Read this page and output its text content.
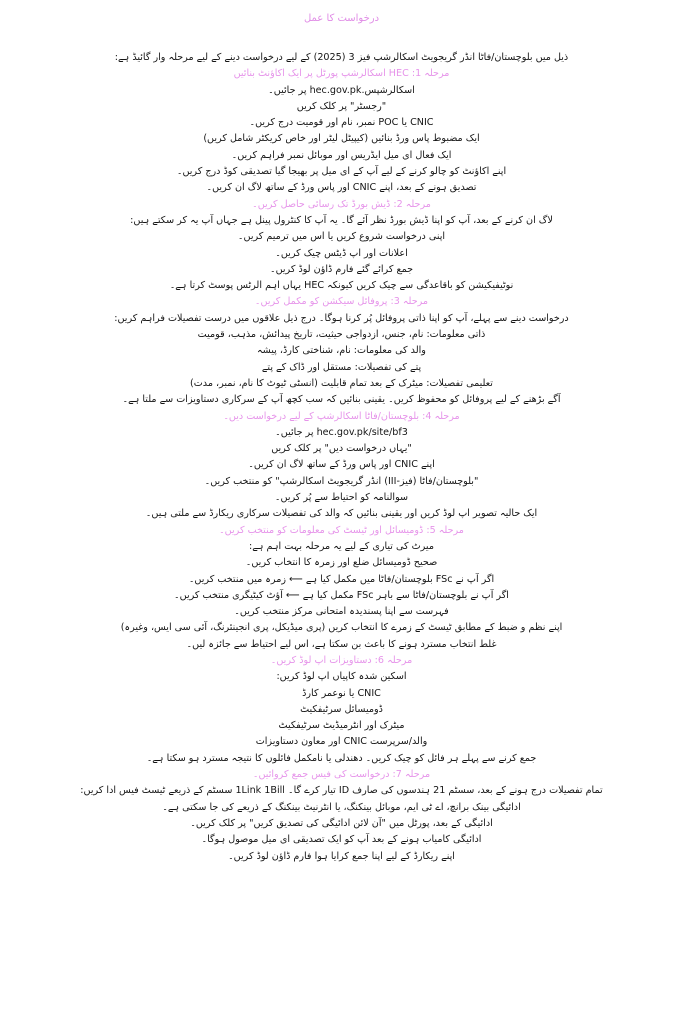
درخواست کا عمل
ذیل میں بلوچستان/فاٹا انڈر گریجویٹ اسکالرشپ فیز 3 (2025) کے لیے درخواست دینے کے لیے مرحلہ وار گائیڈ ہے:
مرحلہ 1: HEC اسکالرشپ پورٹل پر ایک اکاؤنٹ بنائیں
اسکالرشپس.hec.gov.pk پر جائیں۔
"رجسٹر" پر کلک کریں
CNIC یا POC نمبر، نام اور قومیت درج کریں۔
ایک مضبوط پاس ورڈ بنائیں (کیپیٹل لیٹر اور خاص کریکٹر شامل کریں)
ایک فعال ای میل ایڈریس اور موبائل نمبر فراہم کریں۔
اپنے اکاؤنٹ کو چالو کرنے کے لیے آپ کے ای میل پر بھیجا گیا تصدیقی کوڈ درج کریں۔
تصدیق ہونے کے بعد، اپنے CNIC اور پاس ورڈ کے ساتھ لاگ ان کریں۔
مرحلہ 2: ڈیش بورڈ تک رسائی حاصل کریں۔
لاگ ان کرنے کے بعد، آپ کو اپنا ڈیش بورڈ نظر آئے گا۔ یہ آپ کا کنٹرول پینل ہے جہاں آپ یہ کر سکتے ہیں:
اپنی درخواست شروع کریں یا اس میں ترمیم کریں۔
اعلانات اور اپ ڈیٹس چیک کریں۔
جمع کرائے گئے فارم ڈاؤن لوڈ کریں۔
نوٹیفیکیشن کو باقاعدگی سے چیک کریں کیونکہ HEC یہاں اہم الرٹس پوسٹ کرتا ہے۔
مرحلہ 3: پروفائل سیکشن کو مکمل کریں۔
درخواست دینے سے پہلے، آپ کو اپنا ذاتی پروفائل پُر کرنا ہوگا۔ درج ذیل علاقوں میں درست تفصیلات فراہم کریں:
ذاتی معلومات: نام، جنس، ازدواجی حیثیت، تاریخ پیدائش، مذہب، قومیت
والد کی معلومات: نام، شناختی کارڈ، پیشہ
پتے کی تفصیلات: مستقل اور ڈاک کے پتے
تعلیمی تفصیلات: میٹرک کے بعد تمام قابلیت (انسٹی ٹیوٹ کا نام، نمبر، مدت)
آگے بڑھنے کے لیے پروفائل کو محفوظ کریں۔ یقینی بنائیں کہ سب کچھ آپ کے سرکاری دستاویزات سے ملتا ہے۔
مرحلہ 4: بلوچستان/فاٹا اسکالرشپ کے لیے درخواست دیں۔
hec.gov.pk/site/bf3 پر جائیں۔
"یہاں درخواست دیں" پر کلک کریں
اپنے CNIC اور پاس ورڈ کے ساتھ لاگ ان کریں۔
"بلوچستان/فاٹا (فیز-III) انڈر گریجویٹ اسکالرشپ" کو منتخب کریں۔
سوالنامہ کو احتیاط سے پُر کریں۔
ایک حالیہ تصویر اپ لوڈ کریں اور یقینی بنائیں کہ والد کی تفصیلات سرکاری ریکارڈ سے ملتی ہیں۔
مرحلہ 5: ڈومیسائل اور ٹیسٹ کی معلومات کو منتخب کریں۔
میرٹ کی تیاری کے لیے یہ مرحلہ بہت اہم ہے:
صحیح ڈومیسائل ضلع اور زمرہ کا انتخاب کریں۔
اگر آپ نے FSc بلوچستان/فاٹا میں مکمل کیا ہے ⟵ زمرہ میں منتخب کریں۔
اگر آپ نے بلوچستان/فاٹا سے باہر FSc مکمل کیا ہے ⟵ آؤٹ کیٹیگری منتخب کریں۔
فہرست سے اپنا پسندیدہ امتحانی مرکز منتخب کریں۔
اپنے نظم و ضبط کے مطابق ٹیسٹ کے زمرے کا انتخاب کریں (پری میڈیکل، پری انجینئرنگ، آئی سی ایس، وغیرہ)
غلط انتخاب مسترد ہونے کا باعث بن سکتا ہے، اس لیے احتیاط سے جائزہ لیں۔
مرحلہ 6: دستاویزات اپ لوڈ کریں۔
اسکین شدہ کاپیاں اپ لوڈ کریں:
CNIC یا نوعمر کارڈ
ڈومیسائل سرٹیفکیٹ
میٹرک اور انٹرمیڈیٹ سرٹیفکیٹ
والد/سرپرست CNIC اور معاون دستاویزات
جمع کرنے سے پہلے ہر فائل کو چیک کریں۔ دھندلی یا نامکمل فائلوں کا نتیجہ مسترد ہو سکتا ہے۔
مرحلہ 7: درخواست کی فیس جمع کروائیں۔
تمام تفصیلات درج ہونے کے بعد، سسٹم 21 ہندسوں کی صارف ID تیار کرے گا۔ 1Link 1Bill سسٹم کے ذریعے ٹیسٹ فیس ادا کریں:
ادائیگی بینک برانچ، اے ٹی ایم، موبائل بینکنگ، یا انٹرنیٹ بینکنگ کے ذریعے کی جا سکتی ہے۔
ادائیگی کے بعد، پورٹل میں "آن لائن ادائیگی کی تصدیق کریں" پر کلک کریں۔
ادائیگی کامیاب ہونے کے بعد آپ کو ایک تصدیقی ای میل موصول ہوگا۔
اپنے ریکارڈ کے لیے اپنا جمع کرایا ہوا فارم ڈاؤن لوڈ کریں۔
